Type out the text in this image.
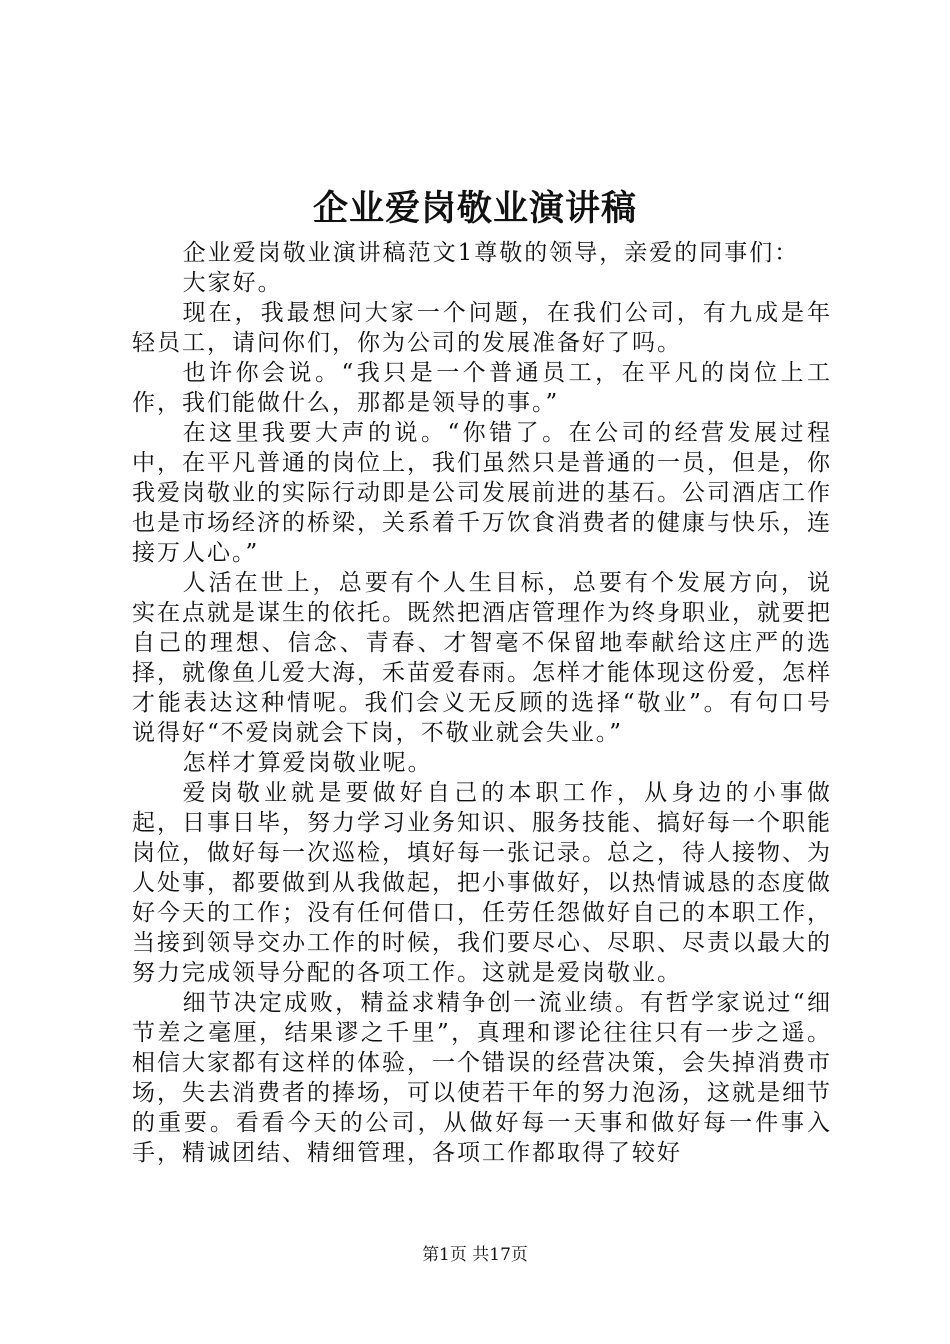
企业爱岗敬业演讲稿

企业爱岗敬业演讲稿范文1尊敬的领导，亲爱的同事们：

大家好。

现在，我最想问大家一个问题，在我们公司，有九成是年轻员工，请问你们，你为公司的发展准备好了吗。

也许你会说。“我只是一个普通员工，在平凡的岗位上工作，我们能做什么，那都是领导的事。”

在这里我要大声的说。“你错了。在公司的经营发展过程中，在平凡普通的岗位上，我们虽然只是普通的一员，但是，你我爱岗敬业的实际行动即是公司发展前进的基石。公司酒店工作也是市场经济的桥梁，关系着千万饮食消费者的健康与快乐，连接万人心。”

人活在世上，总要有个人生目标，总要有个发展方向，说实在点就是谋生的依托。既然把酒店管理作为终身职业，就要把自己的理想、信念、青春、才智毫不保留地奉献给这庄严的选择，就像鱼儿爱大海，禾苗爱春雨。怎样才能体现这份爱，怎样才能表达这种情呢。我们会义无反顾的选择“敬业”。有句口号说得好“不爱岗就会下岗，不敬业就会失业。”

怎样才算爱岗敬业呢。

爱岗敬业就是要做好自己的本职工作，从身边的小事做起，日事日毕，努力学习业务知识、服务技能、搞好每一个职能岗位，做好每一次巡检，填好每一张记录。总之，待人接物、为人处事，都要做到从我做起，把小事做好，以热情诚恳的态度做好今天的工作；没有任何借口，任劳任怨做好自己的本职工作，当接到领导交办工作的时候，我们要尽心、尽职、尽责以最大的努力完成领导分配的各项工作。这就是爱岗敬业。

细节决定成败，精益求精争创一流业绩。有哲学家说过“细节差之毫厘，结果谬之千里”，真理和谬论往往只有一步之遥。相信大家都有这样的体验，一个错误的经营决策，会失掉消费市场，失去消费者的捧场，可以使若干年的努力泡汤，这就是细节的重要。看看今天的公司，从做好每一天事和做好每一件事入手，精诚团结、精细管理，各项工作都取得了较好

第1页 共17页
